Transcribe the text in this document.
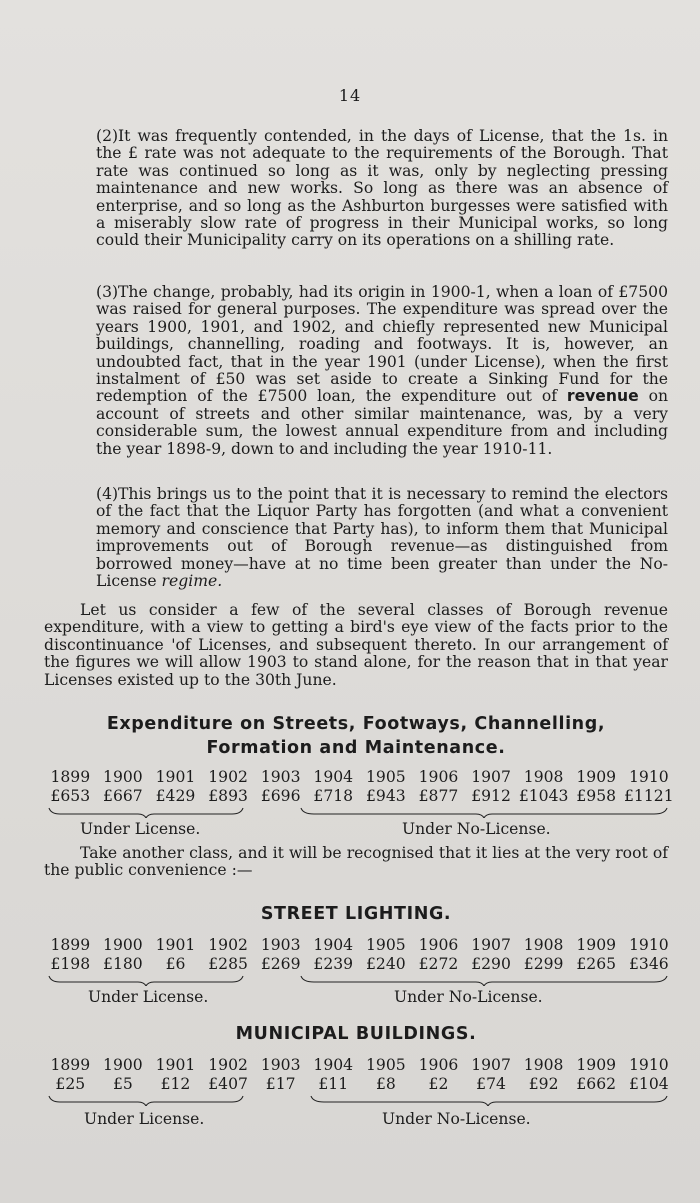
14
(2) It was frequently contended, in the days of License, that the 1s. in the £ rate was not adequate to the requirements of the Borough. That rate was continued so long as it was, only by neglecting pressing maintenance and new works. So long as there was an absence of enterprise, and so long as the Ashburton burgesses were satisfied with a miserably slow rate of progress in their Municipal works, so long could their Municipality carry on its operations on a shilling rate.
(3) The change, probably, had its origin in 1900-1, when a loan of £7500 was raised for general purposes. The expenditure was spread over the years 1900, 1901, and 1902, and chiefly represented new Municipal buildings, channelling, roading and footways. It is, however, an undoubted fact, that in the year 1901 (under License), when the first instalment of £50 was set aside to create a Sinking Fund for the redemption of the £7500 loan, the expenditure out of revenue on account of streets and other similar maintenance, was, by a very considerable sum, the lowest annual expenditure from and including the year 1898-9, down to and including the year 1910-11.
(4) This brings us to the point that it is necessary to remind the electors of the fact that the Liquor Party has forgotten (and what a convenient memory and conscience that Party has), to inform them that Municipal improvements out of Borough revenue—as distinguished from borrowed money—have at no time been greater than under the No-License regime.
Let us consider a few of the several classes of Borough revenue expenditure, with a view to getting a bird's eye view of the facts prior to the discontinuance 'of Licenses, and subsequent thereto. In our arrangement of the figures we will allow 1903 to stand alone, for the reason that in that year Licenses existed up to the 30th June.
Expenditure on Streets, Footways, Channelling,
Formation and Maintenance.
1899 1900 1901 1902 1903 1904 1905 1906 1907 1908 1909 1910
£653 £667 £429 £893 £696 £718 £943 £877 £912 £1043 £958 £1121
Under License.	Under No-License.
Take another class, and it will be recognised that it lies at the very root of the public convenience :—
STREET LIGHTING.
1899 1900 1901 1902 1903 1904 1905 1906 1907 1908 1909 1910
£198 £180	£6	£285 £269 £239 £240 £272 £290 £299 £265 £346
Under License.	Under No-License.
MUNICIPAL BUILDINGS.
1899 1900 1901 1902 1903 1904 1905 1906 1907 1908 1909 1910
£25	£5	£12	£407	£17	£11	£8	£2	£74	£92	£662 £104
Under License.	Under No-License.
